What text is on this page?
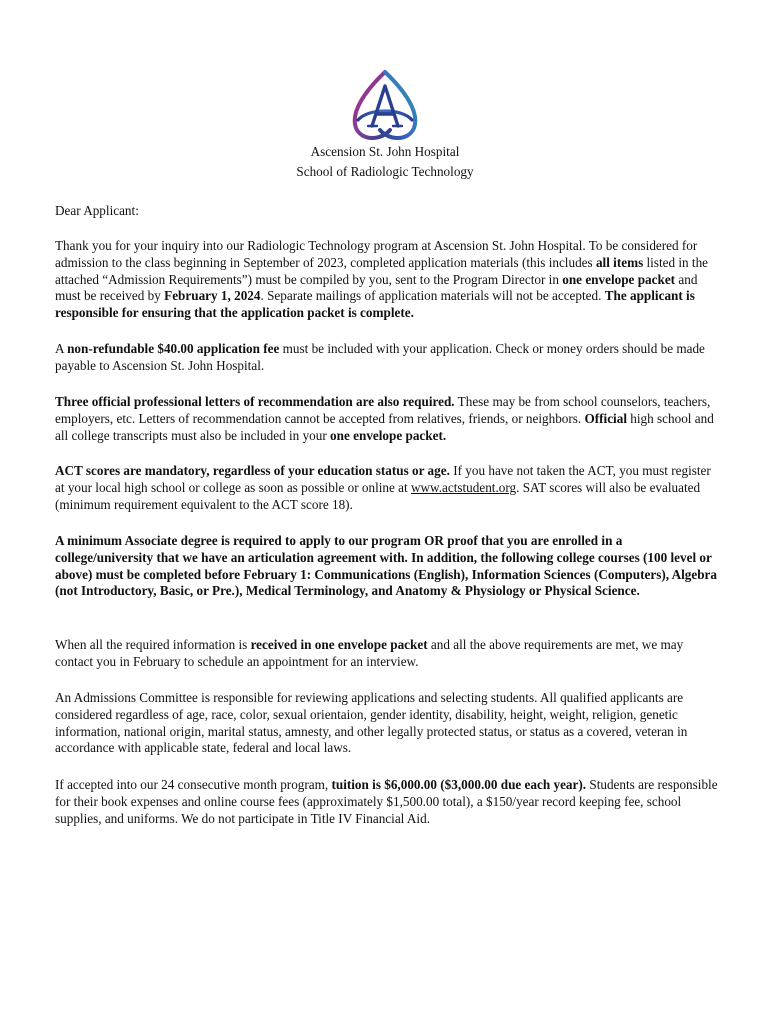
Ascension St. John Hospital
School of Radiologic Technology

Dear Applicant:

Thank you for your inquiry into our Radiologic Technology program at Ascension St. John Hospital. To be considered for admission to the class beginning in September of 2023, completed application materials (this includes all items listed in the attached “Admission Requirements”) must be compiled by you, sent to the Program Director in one envelope packet and must be received by February 1, 2024. Separate mailings of application materials will not be accepted. The applicant is responsible for ensuring that the application packet is complete.

A non-refundable $40.00 application fee must be included with your application. Check or money orders should be made payable to Ascension St. John Hospital.

Three official professional letters of recommendation are also required. These may be from school counselors, teachers, employers, etc. Letters of recommendation cannot be accepted from relatives, friends, or neighbors. Official high school and all college transcripts must also be included in your one envelope packet.

ACT scores are mandatory, regardless of your education status or age. If you have not taken the ACT, you must register at your local high school or college as soon as possible or online at www.actstudent.org. SAT scores will also be evaluated (minimum requirement equivalent to the ACT score 18).

A minimum Associate degree is required to apply to our program OR proof that you are enrolled in a college/university that we have an articulation agreement with. In addition, the following college courses (100 level or above) must be completed before February 1: Communications (English), Information Sciences (Computers), Algebra (not Introductory, Basic, or Pre.), Medical Terminology, and Anatomy & Physiology or Physical Science.

When all the required information is received in one envelope packet and all the above requirements are met, we may contact you in February to schedule an appointment for an interview.

An Admissions Committee is responsible for reviewing applications and selecting students. All qualified applicants are considered regardless of age, race, color, sexual orientaion, gender identity, disability, height, weight, religion, genetic information, national origin, marital status, amnesty, and other legally protected status, or status as a covered, veteran in accordance with applicable state, federal and local laws.

If accepted into our 24 consecutive month program, tuition is $6,000.00 ($3,000.00 due each year). Students are responsible for their book expenses and online course fees (approximately $1,500.00 total), a $150/year record keeping fee, school supplies, and uniforms. We do not participate in Title IV Financial Aid.
